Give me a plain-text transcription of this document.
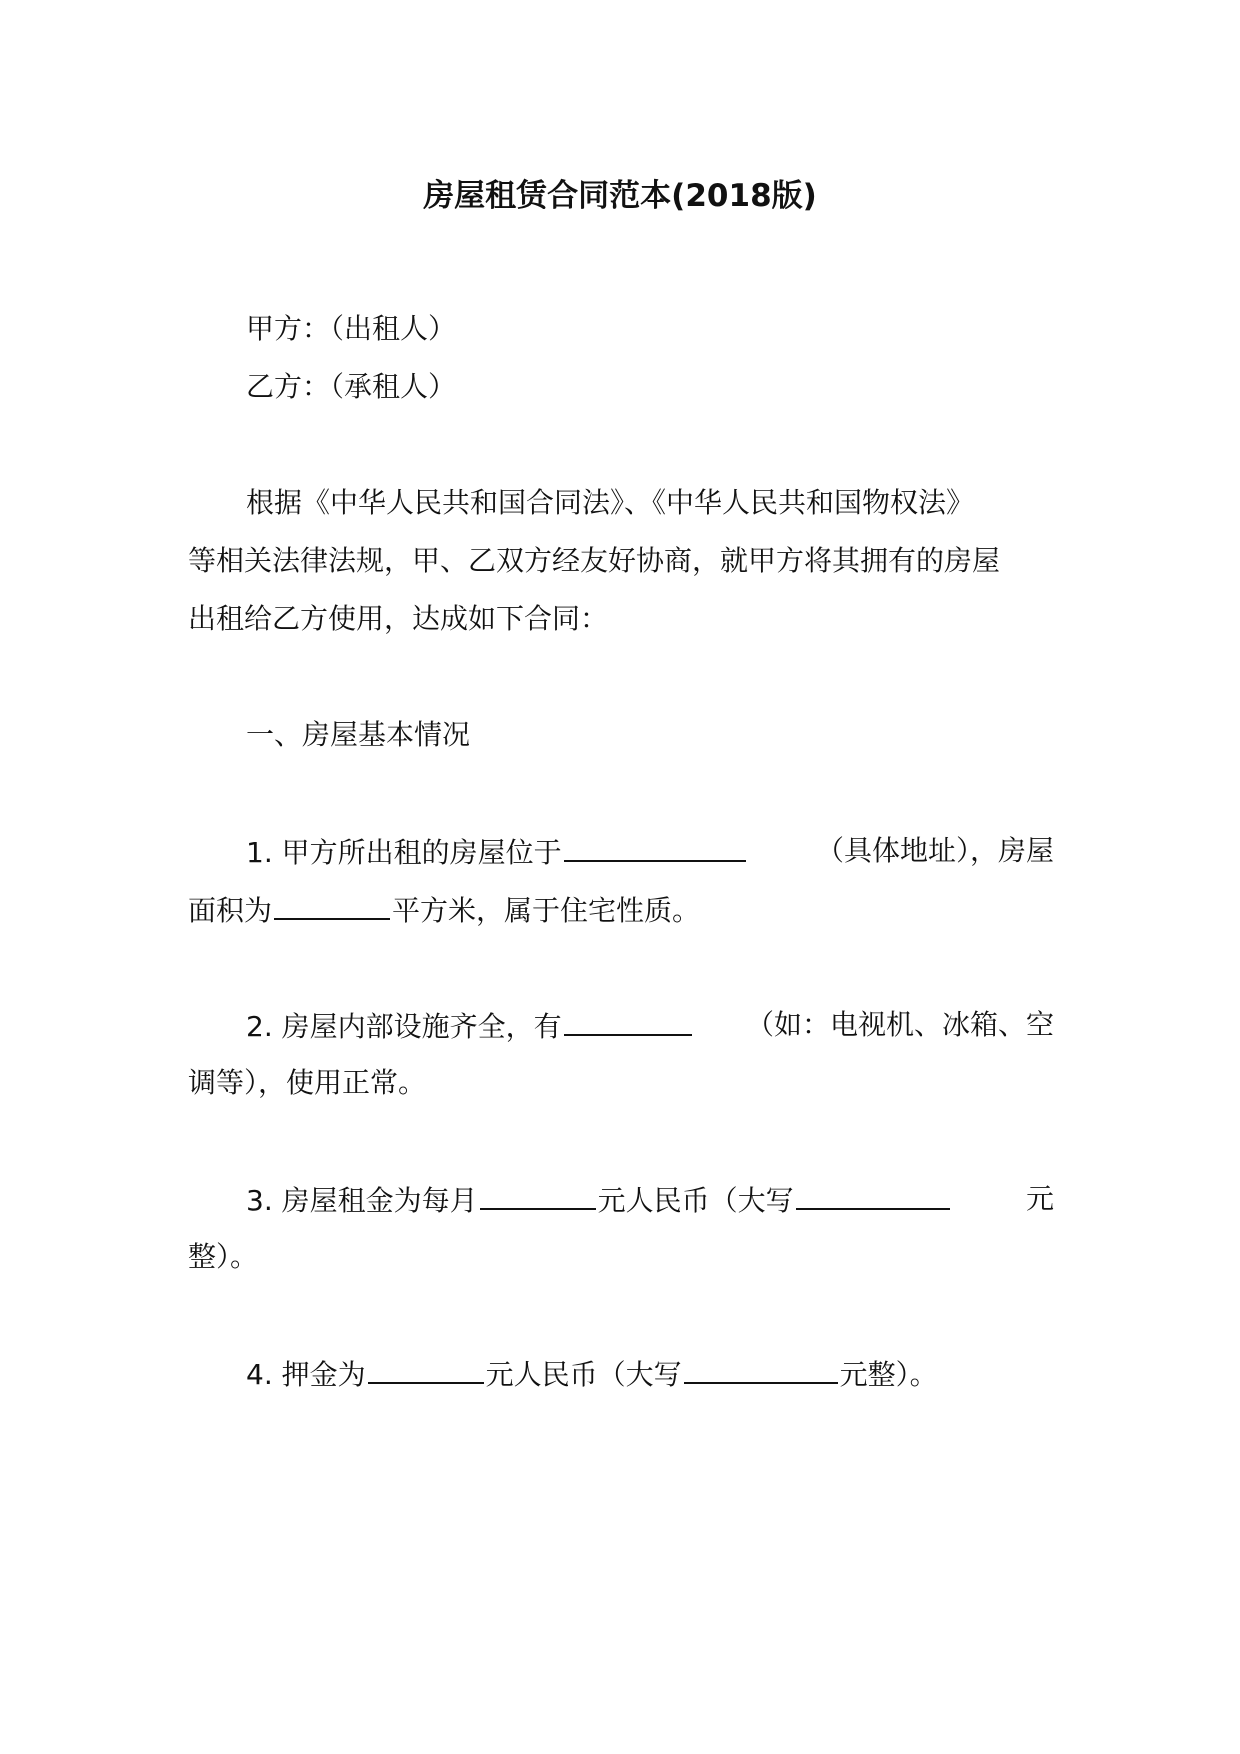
房屋租赁合同范本(2018版)
甲方：（出租人）
乙方：（承租人）
根据《中华人民共和国合同法》、《中华人民共和国物权法》
等相关法律法规，甲、乙双方经友好协商，就甲方将其拥有的房屋
出租给乙方使用，达成如下合同：
一、房屋基本情况
1. 甲方所出租的房屋位于	（具体地址），房屋
面积为	平方米，属于住宅性质。
2. 房屋内部设施齐全，有	（如：电视机、冰箱、空
调等），使用正常。
3. 房屋租金为每月	元人民币（大写	元
整）。
4. 押金为	元人民币（大写	元整）。
